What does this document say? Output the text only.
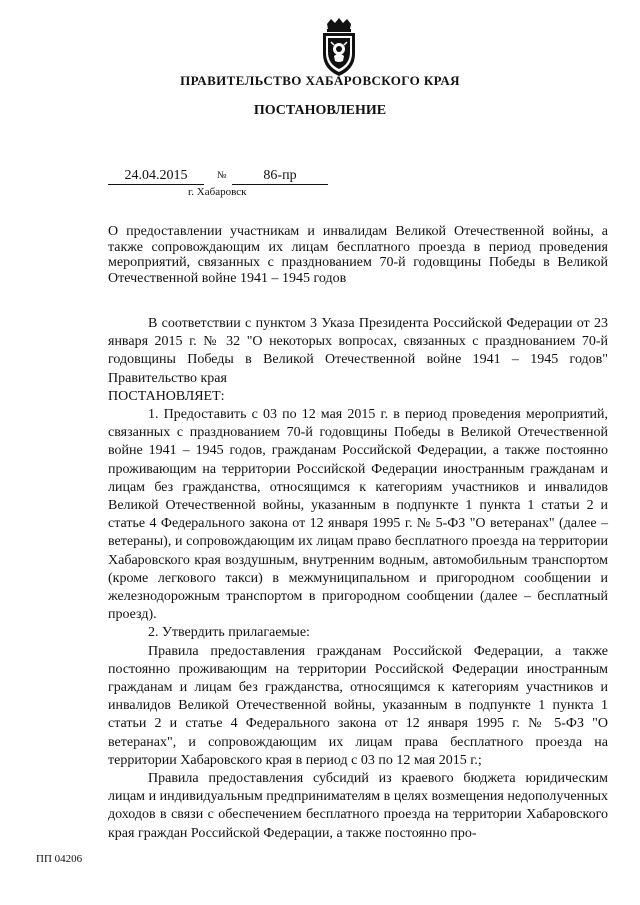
ПРАВИТЕЛЬСТВО ХАБАРОВСКОГО КРАЯ
ПОСТАНОВЛЕНИЕ
24.04.2015	№	86-пр
г. Хабаровск
О предоставлении участникам и инвалидам Великой Отечественной войны, а также сопровождающим их лицам бесплатного проезда в период проведения мероприятий, связанных с празднованием 70-й годовщины Победы в Великой Отечественной войне 1941 – 1945 годов

В соответствии с пунктом 3 Указа Президента Российской Федерации от 23 января 2015 г. № 32 "О некоторых вопросах, связанных с празднованием 70-й годовщины Победы в Великой Отечественной войне 1941 – 1945 годов" Правительство края

ПОСТАНОВЛЯЕТ:

1. Предоставить с 03 по 12 мая 2015 г. в период проведения мероприятий, связанных с празднованием 70-й годовщины Победы в Великой Отечественной войне 1941 – 1945 годов, гражданам Российской Федерации, а также постоянно проживающим на территории Российской Федерации иностранным гражданам и лицам без гражданства, относящимся к категориям участников и инвалидов Великой Отечественной войны, указанным в подпункте 1 пункта 1 статьи 2 и статье 4 Федерального закона от 12 января 1995 г. № 5-ФЗ "О ветеранах" (далее – ветераны), и сопровождающим их лицам право бесплатного проезда на территории Хабаровского края воздушным, внутренним водным, автомобильным транспортом (кроме легкового такси) в межмуниципальном и пригородном сообщении и железнодорожным транспортом в пригородном сообщении (далее – бесплатный проезд).

2. Утвердить прилагаемые:

Правила предоставления гражданам Российской Федерации, а также постоянно проживающим на территории Российской Федерации иностранным гражданам и лицам без гражданства, относящимся к категориям участников и инвалидов Великой Отечественной войны, указанным в подпункте 1 пункта 1 статьи 2 и статье 4 Федерального закона от 12 января 1995 г. № 5-ФЗ "О ветеранах", и сопровождающим их лицам права бесплатного проезда на территории Хабаровского края в период с 03 по 12 мая 2015 г.;

Правила предоставления субсидий из краевого бюджета юридическим лицам и индивидуальным предпринимателям в целях возмещения недополученных доходов в связи с обеспечением бесплатного проезда на территории Хабаровского края граждан Российской Федерации, а также постоянно про-

ПП 04206
